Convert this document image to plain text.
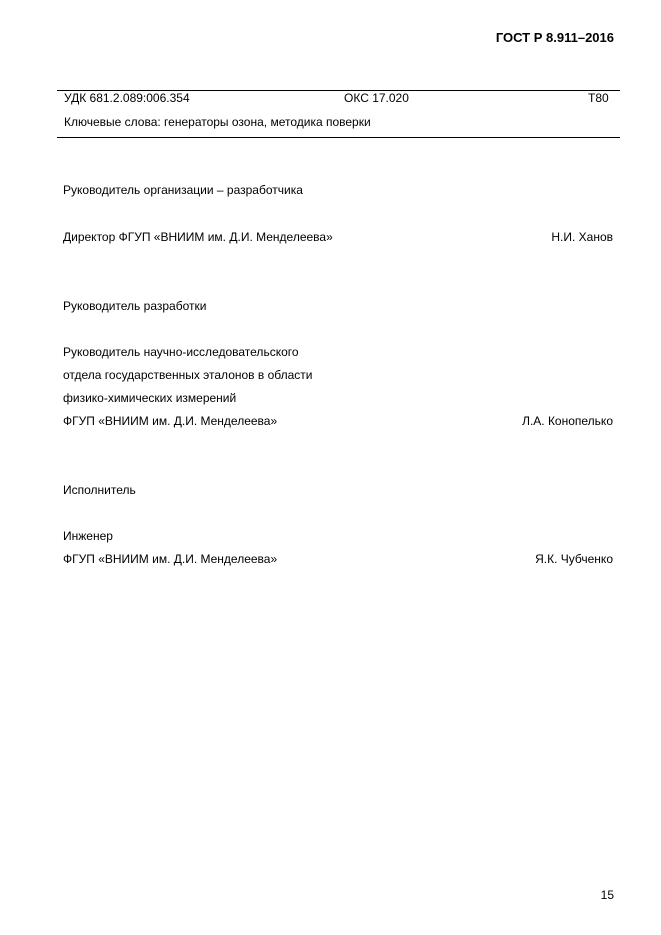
ГОСТ Р 8.911–2016
УДК 681.2.089:006.354	ОКС 17.020	Т80
Ключевые слова: генераторы озона, методика поверки
Руководитель организации – разработчика
Директор ФГУП «ВНИИМ им. Д.И. Менделеева»	Н.И. Ханов
Руководитель разработки
Руководитель научно-исследовательского
отдела государственных эталонов в области
физико-химических измерений
ФГУП «ВНИИМ им. Д.И. Менделеева»	Л.А. Конопелько
Исполнитель
Инженер
ФГУП «ВНИИМ им. Д.И. Менделеева»	Я.К. Чубченко
15
